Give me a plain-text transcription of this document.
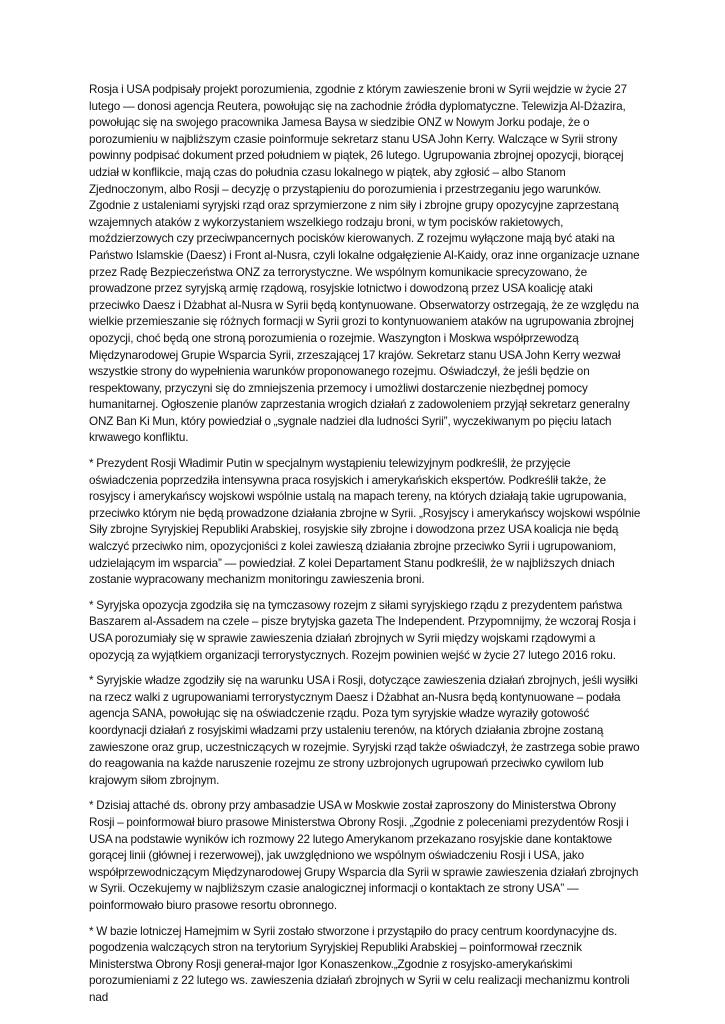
Rosja i USA podpisały projekt porozumienia, zgodnie z którym zawieszenie broni w Syrii wejdzie w życie 27 lutego — donosi agencja Reutera, powołując się na zachodnie źródła dyplomatyczne. Telewizja Al-Dżazira, powołując się na swojego pracownika Jamesa Baysa w siedzibie ONZ w Nowym Jorku podaje, że o porozumieniu w najbliższym czasie poinformuje sekretarz stanu USA John Kerry. Walczące w Syrii strony powinny podpisać dokument przed południem w piątek, 26 lutego. Ugrupowania zbrojnej opozycji, biorącej udział w konflikcie, mają czas do południa czasu lokalnego w piątek, aby zgłosić – albo Stanom Zjednoczonym, albo Rosji – decyzję o przystąpieniu do porozumienia i przestrzeganiu jego warunków. Zgodnie z ustaleniami syryjski rząd oraz sprzymierzone z nim siły i zbrojne grupy opozycyjne zaprzestaną wzajemnych ataków z wykorzystaniem wszelkiego rodzaju broni, w tym pocisków rakietowych, moździerzowych czy przeciwpancernych pocisków kierowanych. Z rozejmu wyłączone mają być ataki na Państwo Islamskie (Daesz) i Front al-Nusra, czyli lokalne odgałęzienie Al-Kaidy, oraz inne organizacje uznane przez Radę Bezpieczeństwa ONZ za terrorystyczne. We wspólnym komunikacie sprecyzowano, że prowadzone przez syryjską armię rządową, rosyjskie lotnictwo i dowodzoną przez USA koalicję ataki przeciwko Daesz i Dżabhat al-Nusra w Syrii będą kontynuowane. Obserwatorzy ostrzegają, że ze względu na wielkie przemieszanie się różnych formacji w Syrii grozi to kontynuowaniem ataków na ugrupowania zbrojnej opozycji, choć będą one stroną porozumienia o rozejmie. Waszyngton i Moskwa współprzewodzą Międzynarodowej Grupie Wsparcia Syrii, zrzeszającej 17 krajów. Sekretarz stanu USA John Kerry wezwał wszystkie strony do wypełnienia warunków proponowanego rozejmu. Oświadczył, że jeśli będzie on respektowany, przyczyni się do zmniejszenia przemocy i umożliwi dostarczenie niezbędnej pomocy humanitarnej. Ogłoszenie planów zaprzestania wrogich działań z zadowoleniem przyjął sekretarz generalny ONZ Ban Ki Mun, który powiedział o „sygnale nadziei dla ludności Syrii”, wyczekiwanym po pięciu latach krwawego konfliktu.

* Prezydent Rosji Władimir Putin w specjalnym wystąpieniu telewizyjnym podkreślił, że przyjęcie oświadczenia poprzedziła intensywna praca rosyjskich i amerykańskich ekspertów. Podkreślił także, że rosyjscy i amerykańscy wojskowi wspólnie ustalą na mapach tereny, na których działają takie ugrupowania, przeciwko którym nie będą prowadzone działania zbrojne w Syrii. „Rosyjscy i amerykańscy wojskowi wspólnie Siły zbrojne Syryjskiej Republiki Arabskiej, rosyjskie siły zbrojne i dowodzona przez USA koalicja nie będą walczyć przeciwko nim, opozycjoniści z kolei zawieszą działania zbrojne przeciwko Syrii i ugrupowaniom, udzielającym im wsparcia” — powiedział. Z kolei Departament Stanu podkreślił, że w najbliższych dniach zostanie wypracowany mechanizm monitoringu zawieszenia broni.

* Syryjska opozycja zgodziła się na tymczasowy rozejm z siłami syryjskiego rządu z prezydentem państwa Baszarem al-Assadem na czele – pisze brytyjska gazeta The Independent. Przypomnijmy, że wczoraj Rosja i USA porozumiały się w sprawie zawieszenia działań zbrojnych w Syrii między wojskami rządowymi a opozycją za wyjątkiem organizacji terrorystycznych. Rozejm powinien wejść w życie 27 lutego 2016 roku.

* Syryjskie władze zgodziły się na warunku USA i Rosji, dotyczące zawieszenia działań zbrojnych, jeśli wysiłki na rzecz walki z ugrupowaniami terrorystycznym Daesz i Dżabhat an-Nusra będą kontynuowane – podała agencja SANA, powołując się na oświadczenie rządu. Poza tym syryjskie władze wyraziły gotowość koordynacji działań z rosyjskimi władzami przy ustaleniu terenów, na których działania zbrojne zostaną zawieszone oraz grup, uczestniczących w rozejmie. Syryjski rząd także oświadczył, że zastrzega sobie prawo do reagowania na każde naruszenie rozejmu ze strony uzbrojonych ugrupowań przeciwko cywilom lub krajowym siłom zbrojnym.

* Dzisiaj attaché ds. obrony przy ambasadzie USA w Moskwie został zaproszony do Ministerstwa Obrony Rosji – poinformował biuro prasowe Ministerstwa Obrony Rosji. „Zgodnie z poleceniami prezydentów Rosji i USA na podstawie wyników ich rozmowy 22 lutego Amerykanom przekazano rosyjskie dane kontaktowe gorącej linii (głównej i rezerwowej), jak uwzględniono we wspólnym oświadczeniu Rosji i USA, jako współprzewodniczącym Międzynarodowej Grupy Wsparcia dla Syrii w sprawie zawieszenia działań zbrojnych w Syrii. Oczekujemy w najbliższym czasie analogicznej informacji o kontaktach ze strony USA” — poinformowało biuro prasowe resortu obronnego.

* W bazie lotniczej Hamejmim w Syrii zostało stworzone i przystąpiło do pracy centrum koordynacyjne ds. pogodzenia walczących stron na terytorium Syryjskiej Republiki Arabskiej – poinformował rzecznik Ministerstwa Obrony Rosji generał-major Igor Konaszenkow.„Zgodnie z rosyjsko-amerykańskimi porozumieniami z 22 lutego ws. zawieszenia działań zbrojnych w Syrii w celu realizacji mechanizmu kontroli nad
